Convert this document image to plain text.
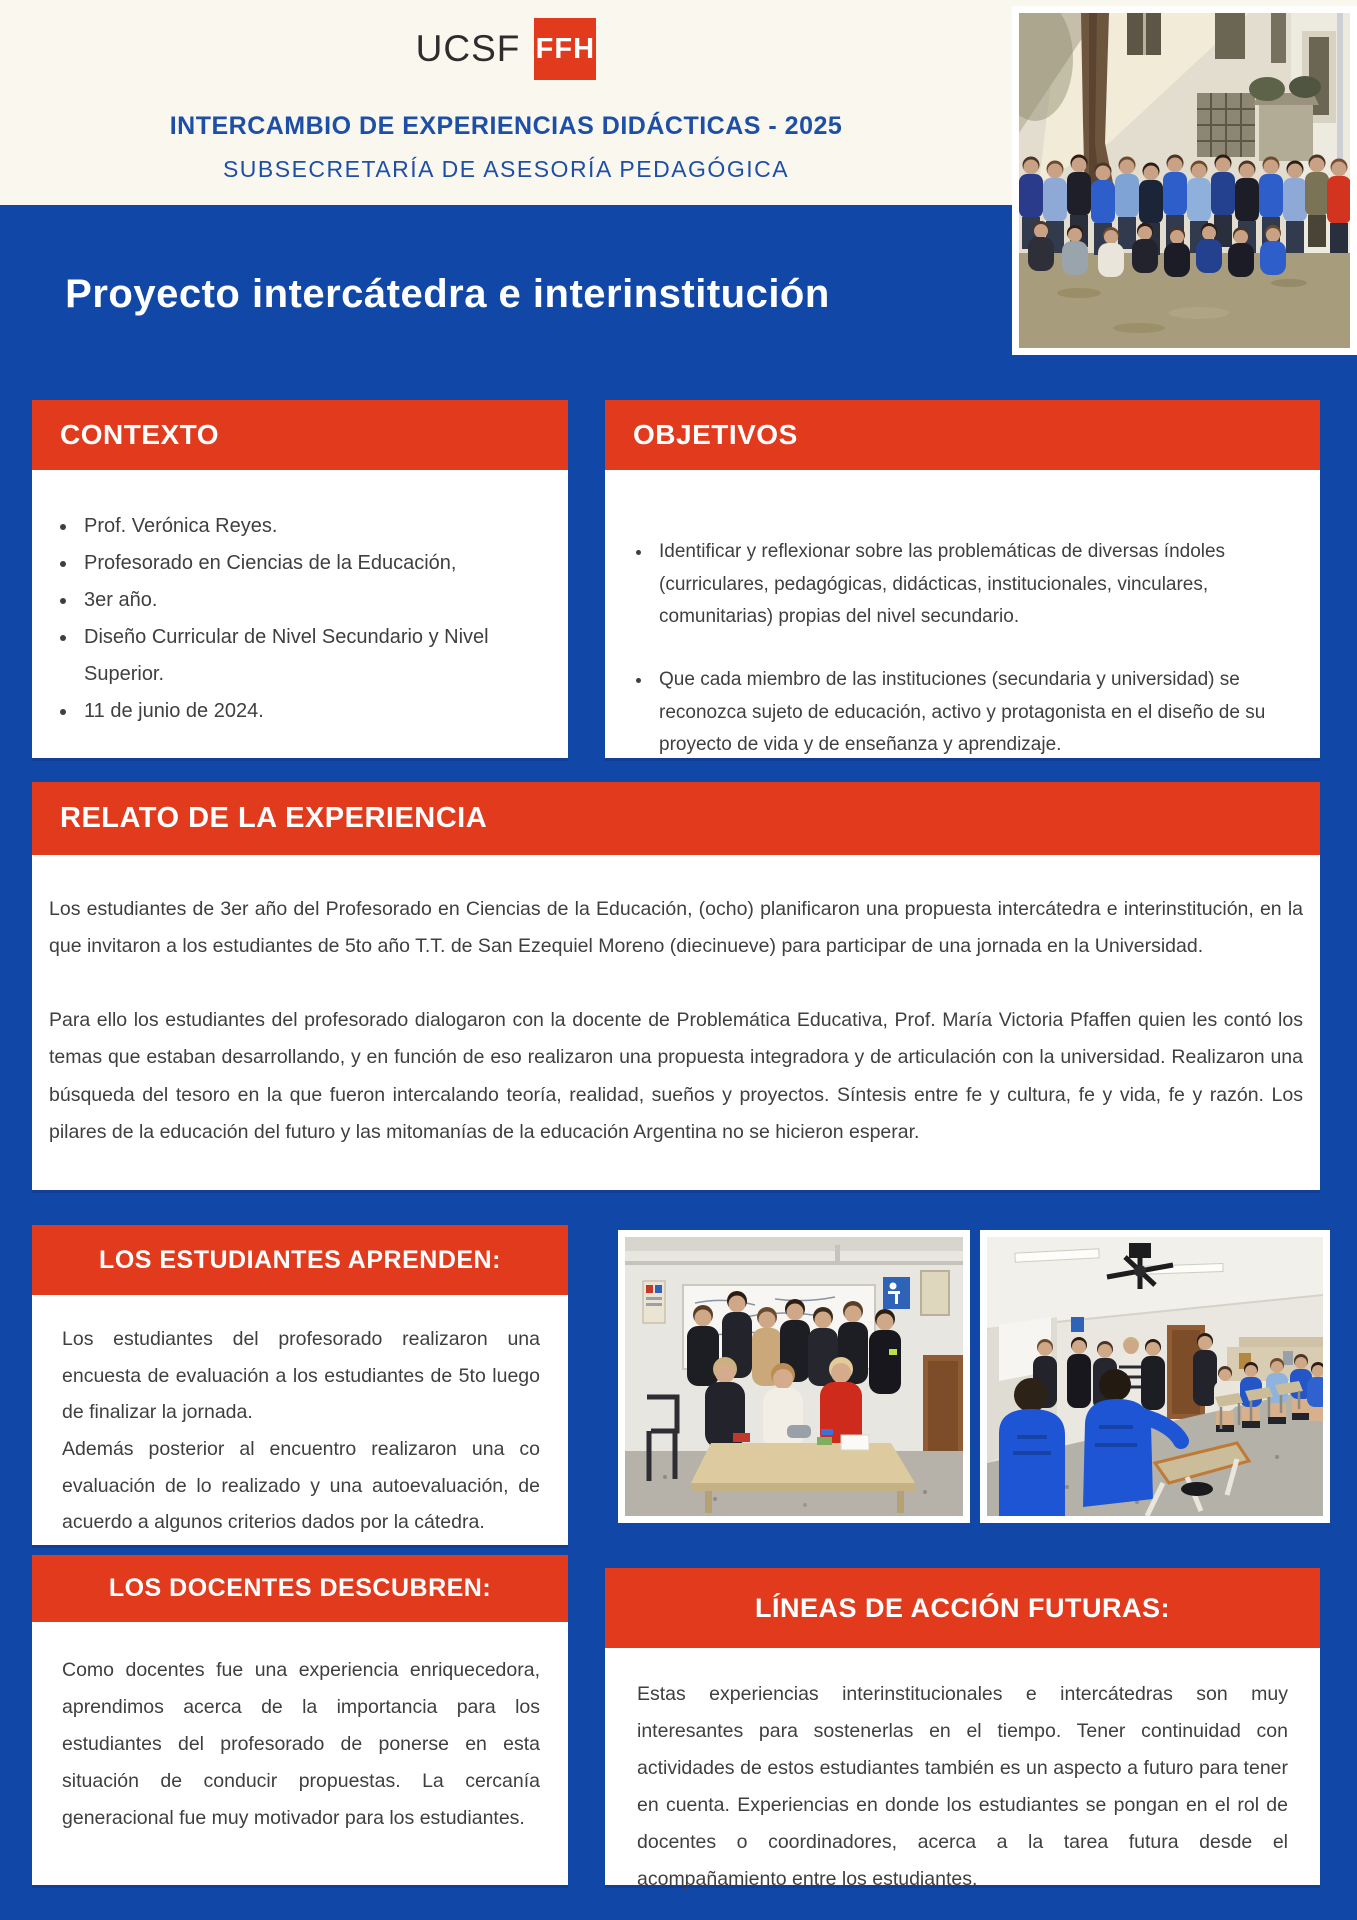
UCSF FFH
INTERCAMBIO DE EXPERIENCIAS DIDÁCTICAS - 2025
SUBSECRETARÍA DE ASESORÍA PEDAGÓGICA
Proyecto intercátedra e interinstitución
CONTEXTO
• Prof. Verónica Reyes.
• Profesorado en Ciencias de la Educación,
• 3er año.
• Diseño Curricular de Nivel Secundario y Nivel Superior.
• 11 de junio de 2024.
OBJETIVOS
• Identificar y reflexionar sobre las problemáticas de diversas índoles (curriculares, pedagógicas, didácticas, institucionales, vinculares, comunitarias) propias del nivel secundario.
• Que cada miembro de las instituciones (secundaria y universidad) se reconozca sujeto de educación, activo y protagonista en el diseño de su proyecto de vida y de enseñanza y aprendizaje.
RELATO DE LA EXPERIENCIA

Los estudiantes de 3er año del Profesorado en Ciencias de la Educación, (ocho) planificaron una propuesta intercátedra e interinstitución, en la que invitaron a los estudiantes de 5to año T.T. de San Ezequiel Moreno (diecinueve) para participar de una jornada en la Universidad.

Para ello los estudiantes del profesorado dialogaron con la docente de Problemática Educativa, Prof. María Victoria Pfaffen quien les contó los temas que estaban desarrollando, y en función de eso realizaron una propuesta integradora y de articulación con la universidad. Realizaron una búsqueda del tesoro en la que fueron intercalando teoría, realidad, sueños y proyectos. Síntesis entre fe y cultura, fe y vida, fe y razón. Los pilares de la educación del futuro y las mitomanías de la educación Argentina no se hicieron esperar.

LOS ESTUDIANTES APRENDEN:

Los estudiantes del profesorado realizaron una encuesta de evaluación a los estudiantes de 5to luego de finalizar la jornada.

Además posterior al encuentro realizaron una co evaluación de lo realizado y una autoevaluación, de acuerdo a algunos criterios dados por la cátedra.

LOS DOCENTES DESCUBREN:

Como docentes fue una experiencia enriquecedora, aprendimos acerca de la importancia para los estudiantes del profesorado de ponerse en esta situación de conducir propuestas. La cercanía generacional fue muy motivador para los estudiantes.

LÍNEAS DE ACCIÓN FUTURAS:

Estas experiencias interinstitucionales e intercátedras son muy interesantes para sostenerlas en el tiempo. Tener continuidad con actividades de estos estudiantes también es un aspecto a futuro para tener en cuenta. Experiencias en donde los estudiantes se pongan en el rol de docentes o coordinadores, acerca a la tarea futura desde el acompañamiento entre los estudiantes.
